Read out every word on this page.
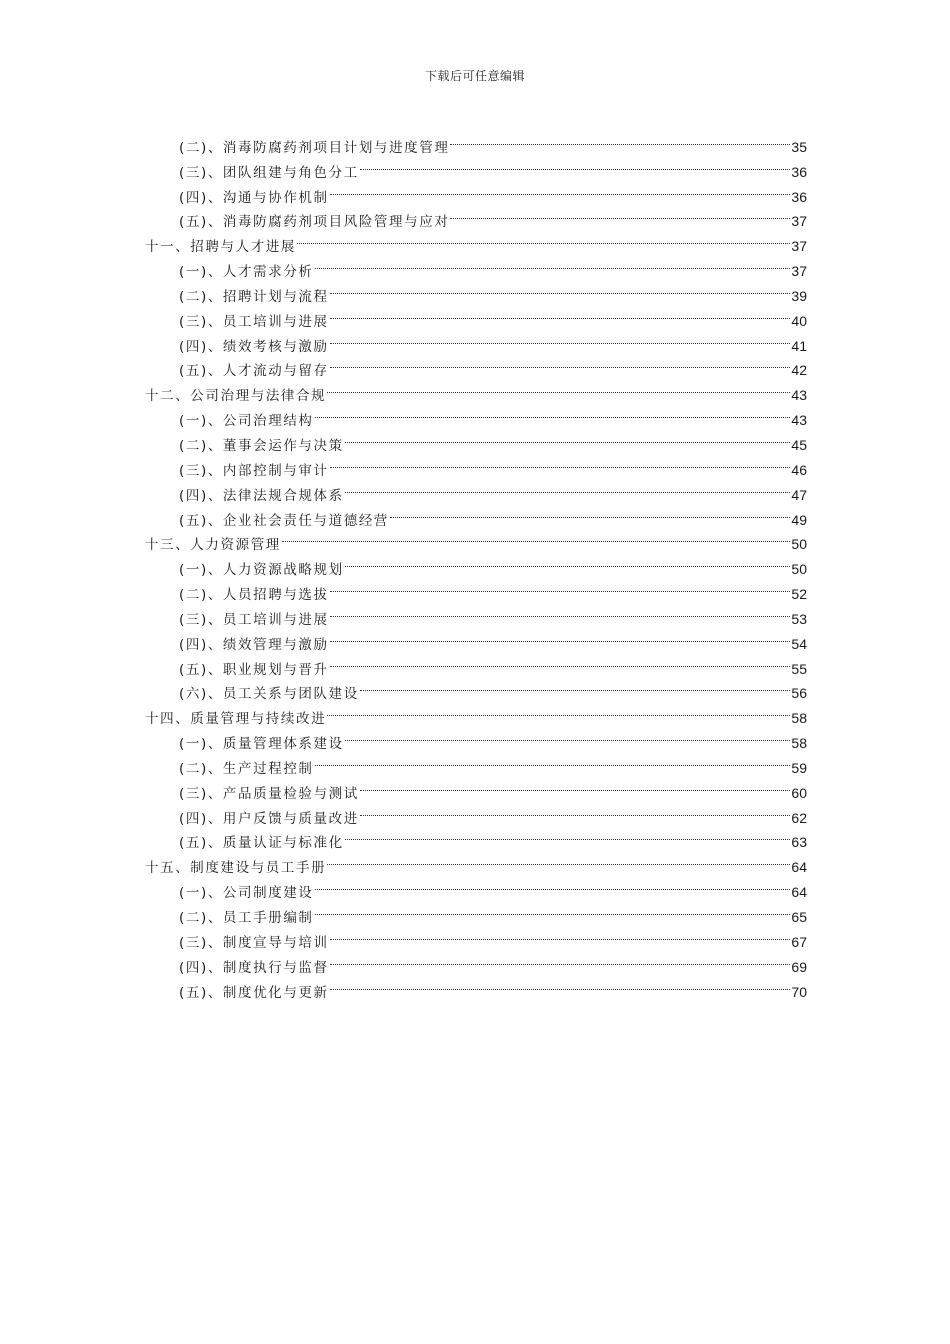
下载后可任意编辑
(二)、消毒防腐药剂项目计划与进度管理	35
(三)、团队组建与角色分工	36
(四)、沟通与协作机制	36
(五)、消毒防腐药剂项目风险管理与应对	37
十一、招聘与人才进展	37
(一)、人才需求分析	37
(二)、招聘计划与流程	39
(三)、员工培训与进展	40
(四)、绩效考核与激励	41
(五)、人才流动与留存	42
十二、公司治理与法律合规	43
(一)、公司治理结构	43
(二)、董事会运作与决策	45
(三)、内部控制与审计	46
(四)、法律法规合规体系	47
(五)、企业社会责任与道德经营	49
十三、人力资源管理	50
(一)、人力资源战略规划	50
(二)、人员招聘与选拔	52
(三)、员工培训与进展	53
(四)、绩效管理与激励	54
(五)、职业规划与晋升	55
(六)、员工关系与团队建设	56
十四、质量管理与持续改进	58
(一)、质量管理体系建设	58
(二)、生产过程控制	59
(三)、产品质量检验与测试	60
(四)、用户反馈与质量改进	62
(五)、质量认证与标准化	63
十五、制度建设与员工手册	64
(一)、公司制度建设	64
(二)、员工手册编制	65
(三)、制度宣导与培训	67
(四)、制度执行与监督	69
(五)、制度优化与更新	70
